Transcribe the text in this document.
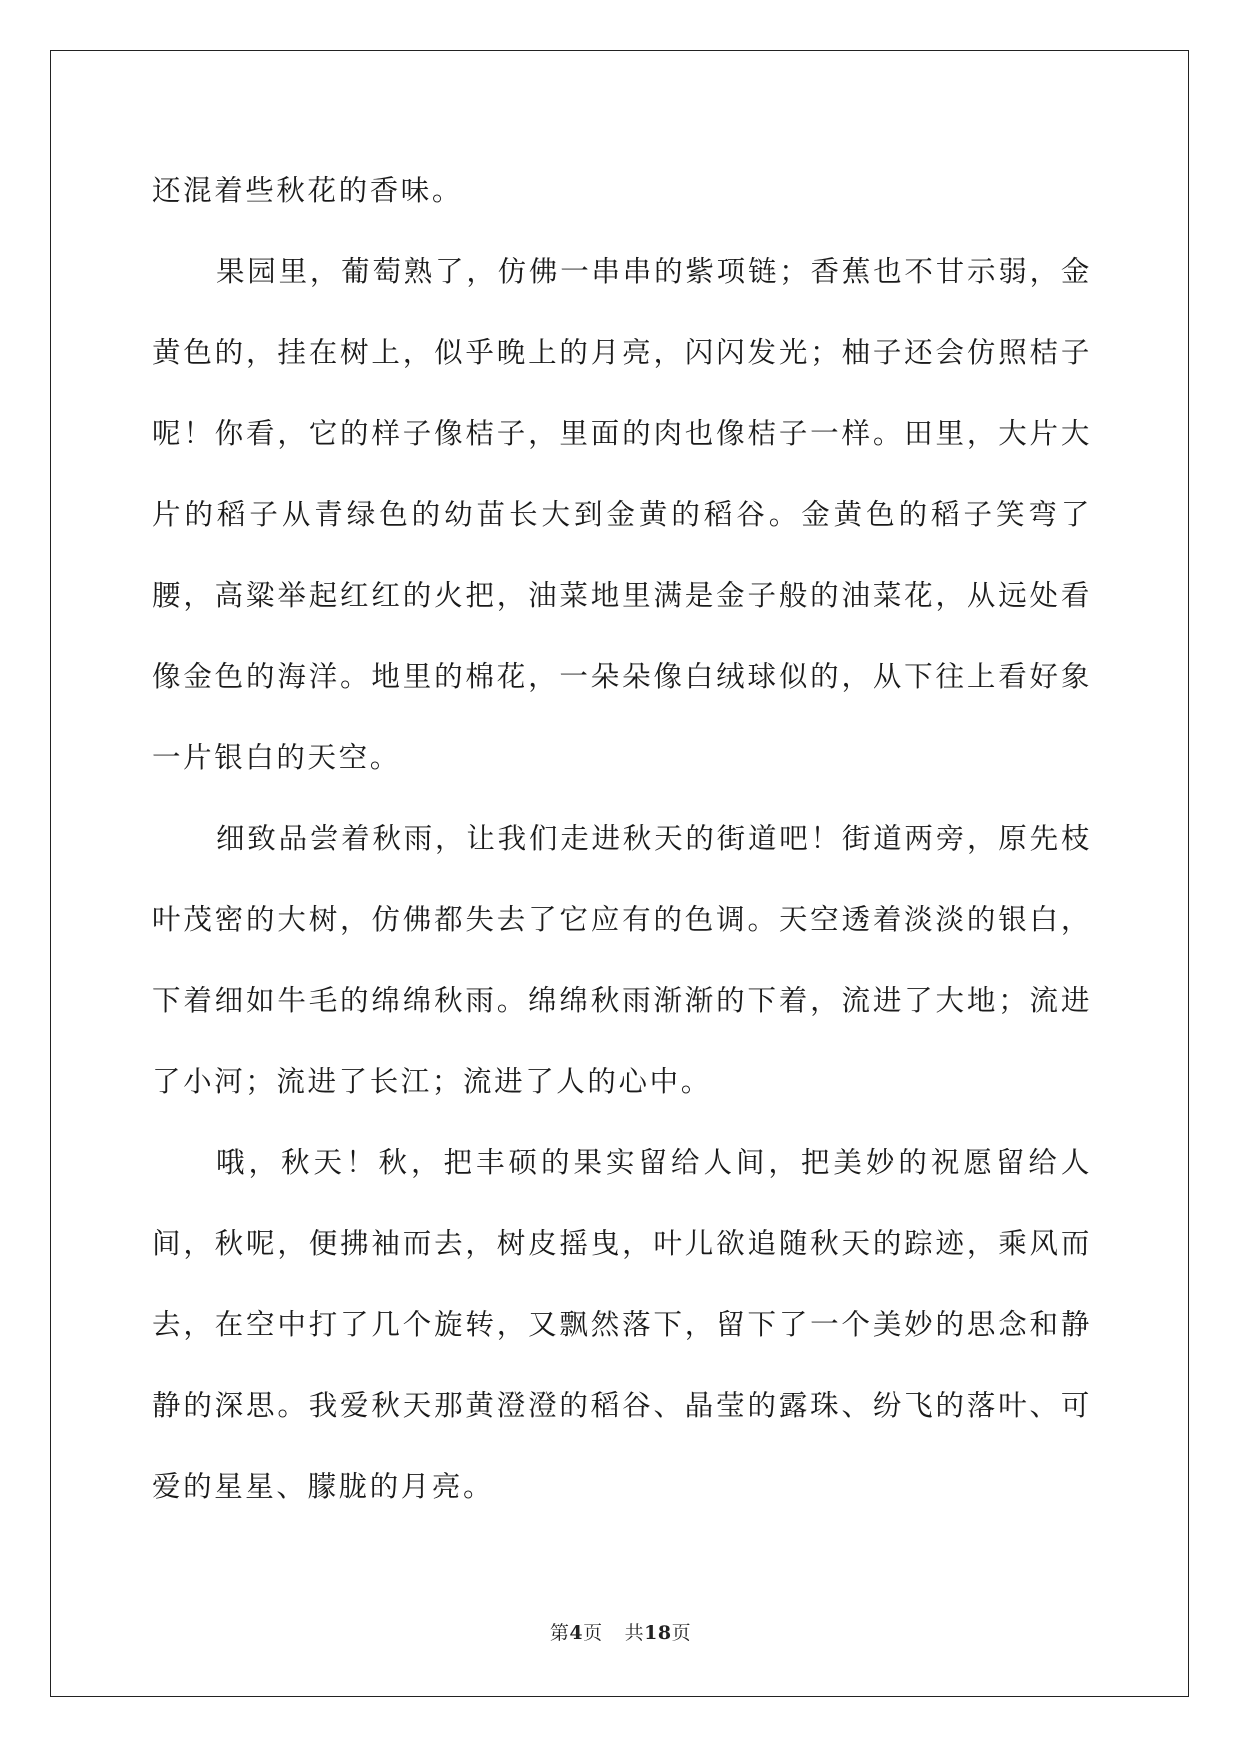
还混着些秋花的香味。

果园里，葡萄熟了，仿佛一串串的紫项链；香蕉也不甘示弱，金黄色的，挂在树上，似乎晚上的月亮，闪闪发光；柚子还会仿照桔子呢！你看，它的样子像桔子，里面的肉也像桔子一样。田里，大片大片的稻子从青绿色的幼苗长大到金黄的稻谷。金黄色的稻子笑弯了腰，高粱举起红红的火把，油菜地里满是金子般的油菜花，从远处看像金色的海洋。地里的棉花，一朵朵像白绒球似的，从下往上看好象一片银白的天空。

细致品尝着秋雨，让我们走进秋天的街道吧！街道两旁，原先枝叶茂密的大树，仿佛都失去了它应有的色调。天空透着淡淡的银白，下着细如牛毛的绵绵秋雨。绵绵秋雨渐渐的下着，流进了大地；流进了小河；流进了长江；流进了人的心中。

哦，秋天！秋，把丰硕的果实留给人间，把美妙的祝愿留给人间，秋呢，便拂袖而去，树皮摇曳，叶儿欲追随秋天的踪迹，乘风而去，在空中打了几个旋转，又飘然落下，留下了一个美妙的思念和静静的深思。我爱秋天那黄澄澄的稻谷、晶莹的露珠、纷飞的落叶、可爱的星星、朦胧的月亮。

第4页 共18页
